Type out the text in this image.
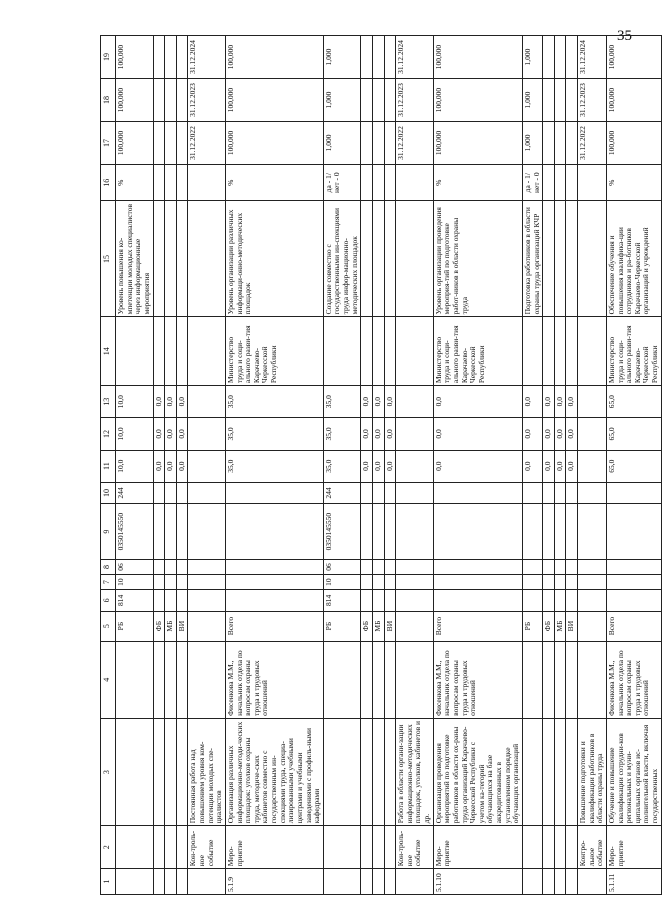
35
1	2	3	4	5	6	7	8	9	10	11	12	13	14	15	16	17	18	19
				РБ	814	10	06	0350145550	244	10,0	10,0	10,0		Уровень повышения ко-мпетенции молодых специалистов через информационные мероприятия	%	100,000	100,000	100,000
				ФБ						0,0	0,0	0,0						
				МБ						0,0	0,0	0,0						
				ВИ						0,0	0,0	0,0						
	Кон-троль-ное событие	Постоянная работа над повышением уровня ком-петенции молодых спе-циалистов														31.12.2022	31.12.2023	31.12.2024
5.1.9	Меро-приятие	Организация различных информационно-методи-ческих площадок: уголков охраны труда, методиче-ских кабинетов совместно с государственным ин-спекциями труда, специа-лизированными учебными центрами и учебными заведениями с профиль-ными кафедрами	Фисенкова М.М., начальник отдела по вопросам охраны труда и трудовых отношений	Всего						35,0	35,0	35,0	Министерство труда и соци-ального разви-тия Карачаево-Черкесской Республики	Уровень организации различных информаци-онно-методических площадок	%	100,000	100,000	100,000
				РБ	814	10	06	0350145550	244	35,0	35,0	35,0		Создание совместно с государственными ин-спекциями труда инфор-мационно-методических площадок	да - 1/ нет - 0	1,000	1,000	1,000
				ФБ						0,0	0,0	0,0						
				МБ						0,0	0,0	0,0						
				ВИ						0,0	0,0	0,0						
	Кон-троль-ное событие	Работа в области органи-зации информационно-методических площадок, уголков, кабинетов и др.														31.12.2022	31.12.2023	31.12.2024
5.1.10	Меро-приятие	Организация проведения мероприятий по подготовке работников в области ох-раны труда организаций Карачаево-Черкесской Республики с учетом ка-тегорий обучающихся на базе аккредитованных в установленном порядке обучающих организаций	Фисенкова М.М., начальник отдела по вопросам охраны труда и трудовых отношений	Всего						0,0	0,0	0,0	Министерство труда и соци-ального разви-тия Карачаево-Черкесской Республики	Уровень организации проведения мероприя-тий по подготовке работ-ников в области охраны труда	%	100,000	100,000	100,000
				РБ						0,0	0,0	0,0		Подготовка работников в области охраны труда организаций КЧР	да - 1/ нет - 0	1,000	1,000	1,000
				ФБ						0,0	0,0	0,0						
				МБ						0,0	0,0	0,0						
				ВИ						0,0	0,0	0,0						
	Контро-льное событие	Повышение подготовки и квалификации работников в области охраны труда														31.12.2022	31.12.2023	31.12.2024
5.1.11	Меро-приятие	Обучение и повышение квалификации сотрудни-ков региональных и муни-ципальных органов ис-полнительной власти, включая государственных	Фисенкова М.М., начальник отдела по вопросам охраны труда и трудовых отношений	Всего						65,0	65,0	65,0	Министерство труда и соци-ального разви-тия Карачаево-Черкесской Республики	Обеспечение обучения и повышения квалифика-ции сотрудников и ра-ботников Карачаево-Черкесской организаций и учреждений	%	100,000	100,000	100,000
